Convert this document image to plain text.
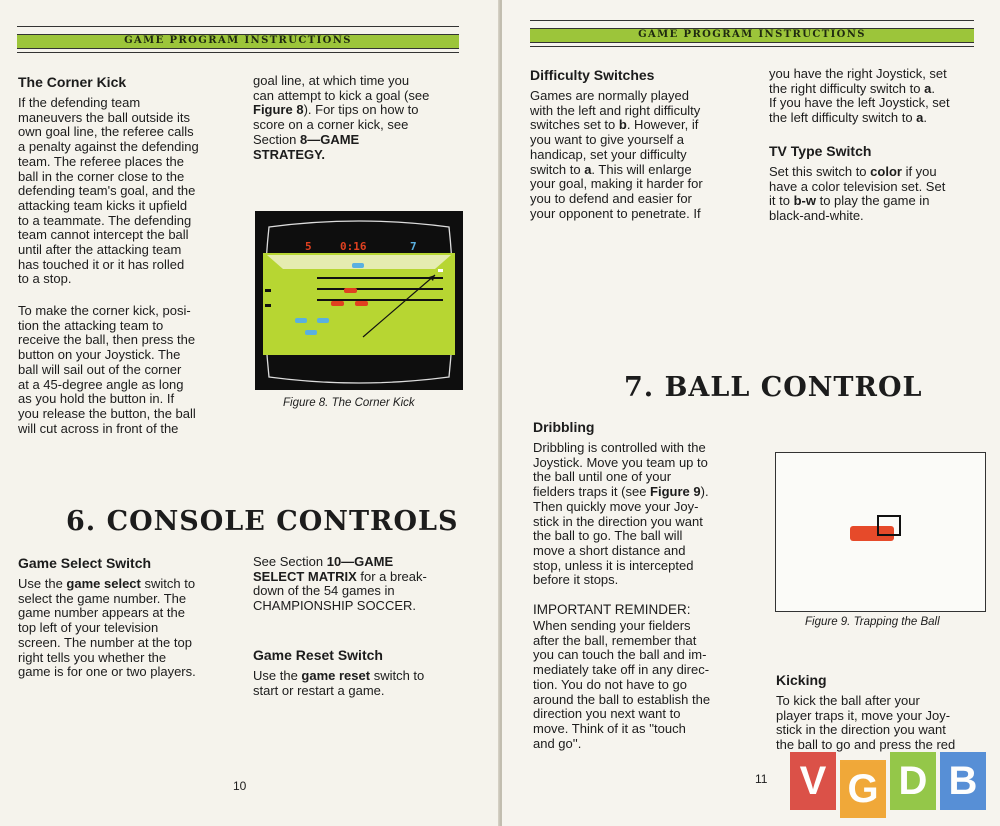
GAME PROGRAM INSTRUCTIONS
The Corner Kick
If the defending team
maneuvers the ball outside its
own goal line, the referee calls
a penalty against the defending
team. The referee places the
ball in the corner close to the
defending team's goal, and the
attacking team kicks it upfield
to a teammate. The defending
team cannot intercept the ball
until after the attacking team
has touched it or it has rolled
to a stop.
To make the corner kick, posi-
tion the attacking team to
receive the ball, then press the
button on your Joystick. The
ball will sail out of the corner
at a 45-degree angle as long
as you hold the button in. If
you release the button, the ball
will cut across in front of the
goal line, at which time you
can attempt to kick a goal (see
Figure 8). For tips on how to
score on a corner kick, see
Section 8—GAME
STRATEGY.
5	0:16	7
Figure 8. The Corner Kick
6. CONSOLE CONTROLS
Game Select Switch
Use the game select switch to
select the game number. The
game number appears at the
top left of your television
screen. The number at the top
right tells you whether the
game is for one or two players.
See Section 10—GAME
SELECT MATRIX for a break-
down of the 54 games in
CHAMPIONSHIP SOCCER.
Game Reset Switch
Use the game reset switch to
start or restart a game.
10
GAME PROGRAM INSTRUCTIONS
Difficulty Switches
Games are normally played
with the left and right difficulty
switches set to b. However, if
you want to give yourself a
handicap, set your difficulty
switch to a. This will enlarge
your goal, making it harder for
you to defend and easier for
your opponent to penetrate. If
you have the right Joystick, set
the right difficulty switch to a.
If you have the left Joystick, set
the left difficulty switch to a.
TV Type Switch
Set this switch to color if you
have a color television set. Set
it to b-w to play the game in
black-and-white.
7. BALL CONTROL
Dribbling
Dribbling is controlled with the
Joystick. Move you team up to
the ball until one of your
fielders traps it (see Figure 9).
Then quickly move your Joy-
stick in the direction you want
the ball to go. The ball will
move a short distance and
stop, unless it is intercepted
before it stops.
IMPORTANT REMINDER:
When sending your fielders
after the ball, remember that
you can touch the ball and im-
mediately take off in any direc-
tion. You do not have to go
around the ball to establish the
direction you next want to
move. Think of it as ''touch
and go''.
Figure 9. Trapping the Ball
Kicking
To kick the ball after your
player traps it, move your Joy-
stick in the direction you want
the ball to go and press the red
11 V G D B
